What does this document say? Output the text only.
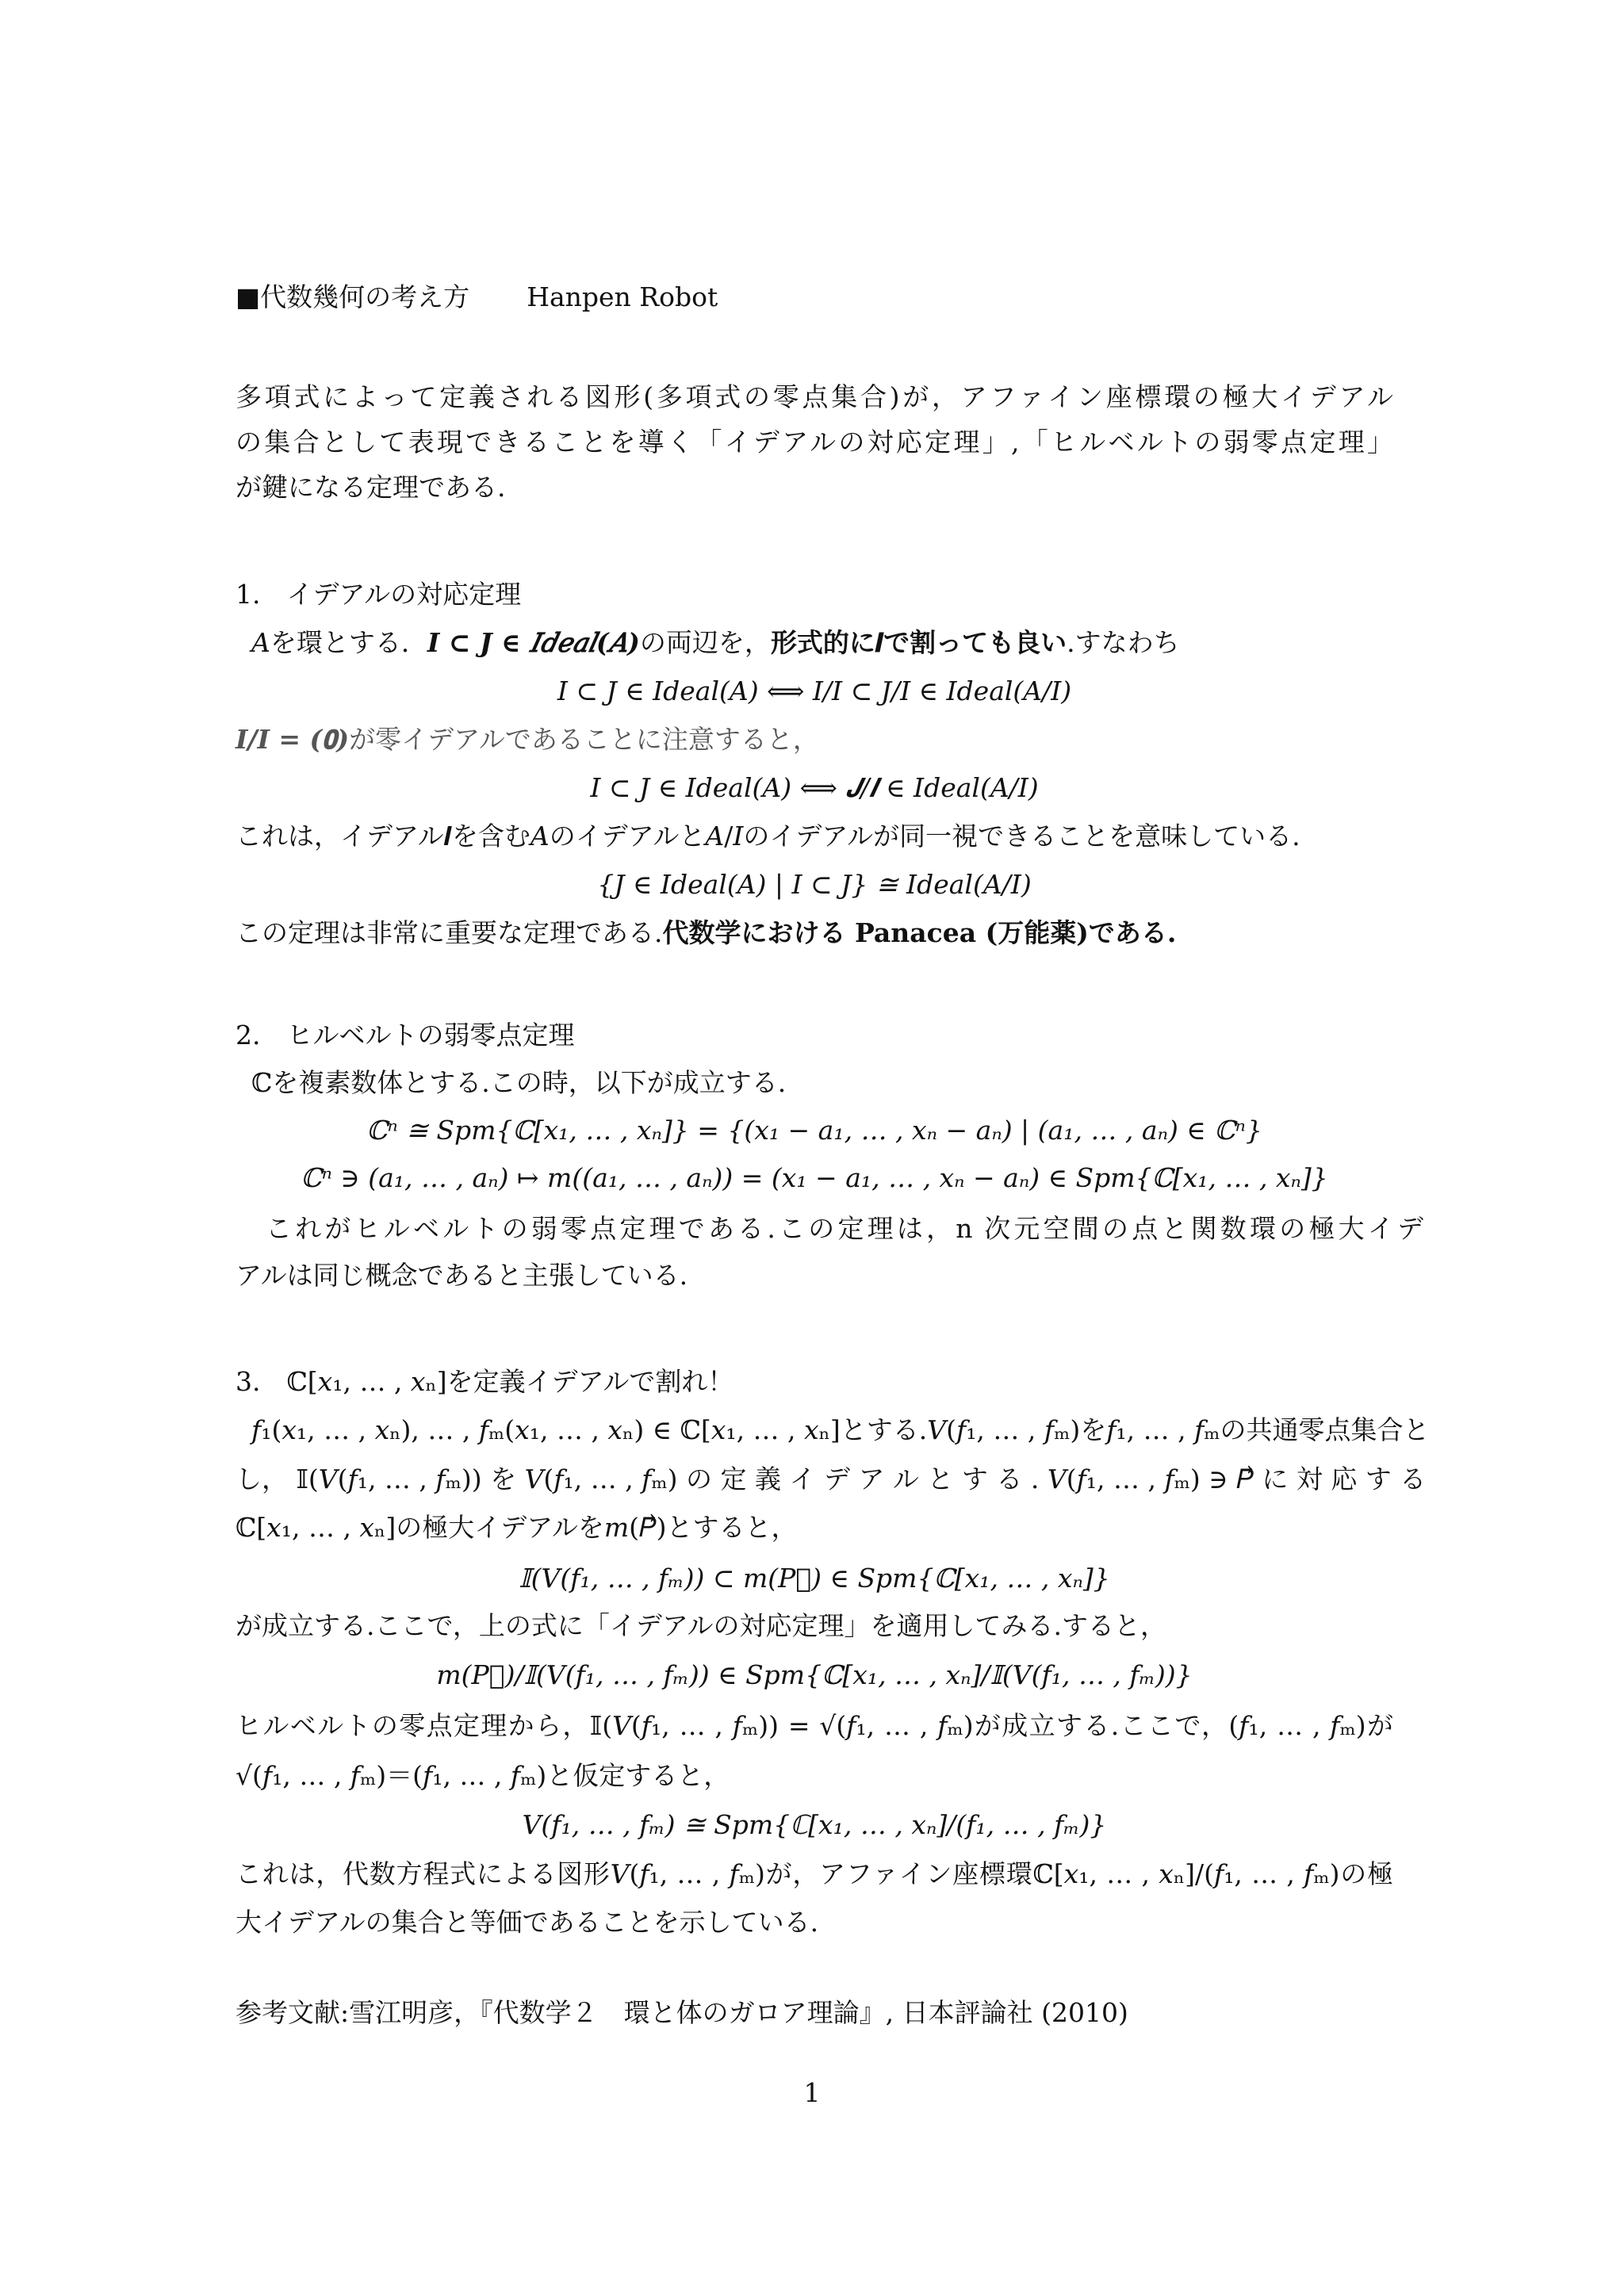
■代数幾何の考え方 Hanpen Robot
多項式によって定義される図形(多項式の零点集合)が，アファイン座標環の極大イデアル
の集合として表現できることを導く「イデアルの対応定理」,「ヒルベルトの弱零点定理」
が鍵になる定理である.
1.　イデアルの対応定理
𝐴を環とする．𝑰 ⊂ 𝑱 ∈ 𝐼𝑑𝑒𝑎𝑙(𝐴)の両辺を，形式的に𝑰で割っても良い.すなわち
𝐼 ⊂ 𝐽 ∈ 𝐼𝑑𝑒𝑎𝑙(𝐴) ⟺ 𝐼/𝐼 ⊂ 𝐽/𝐼 ∈ 𝐼𝑑𝑒𝑎𝑙(𝐴/𝐼)
𝑰/𝑰 = (𝟎)が零イデアルであることに注意すると，
𝐼 ⊂ 𝐽 ∈ 𝐼𝑑𝑒𝑎𝑙(𝐴) ⟺ 𝑱/𝑰 ∈ 𝐼𝑑𝑒𝑎𝑙(𝐴/𝐼)
これは，イデアル𝑰を含む𝐴のイデアルと𝐴/𝐼のイデアルが同一視できることを意味している.
{𝐽 ∈ 𝐼𝑑𝑒𝑎𝑙(𝐴) | 𝐼 ⊂ 𝐽} ≅ 𝐼𝑑𝑒𝑎𝑙(𝐴/𝐼)
この定理は非常に重要な定理である.代数学における Panacea (万能薬)である.
2.　ヒルベルトの弱零点定理
ℂを複素数体とする.この時，以下が成立する.
ℂⁿ ≅ 𝑆𝑝𝑚{ℂ[𝑥₁, … , 𝑥ₙ]} = {(𝑥₁ − 𝑎₁, … , 𝑥ₙ − 𝑎ₙ) | (𝑎₁, … , 𝑎ₙ) ∈ ℂⁿ}
ℂⁿ ∋ (𝑎₁, … , 𝑎ₙ) ↦ 𝑚((𝑎₁, … , 𝑎ₙ)) = (𝑥₁ − 𝑎₁, … , 𝑥ₙ − 𝑎ₙ) ∈ 𝑆𝑝𝑚{ℂ[𝑥₁, … , 𝑥ₙ]}
これがヒルベルトの弱零点定理である.この定理は，n 次元空間の点と関数環の極大イデ
アルは同じ概念であると主張している.
3.　ℂ[𝑥₁, … , 𝑥ₙ]を定義イデアルで割れ！
𝑓₁(𝑥₁, … , 𝑥ₙ), … , 𝑓ₘ(𝑥₁, … , 𝑥ₙ) ∈ ℂ[𝑥₁, … , 𝑥ₙ]とする.𝑉(𝑓₁, … , 𝑓ₘ)を𝑓₁, … , 𝑓ₘの共通零点集合と
し， 𝕀(𝑉(𝑓₁, … , 𝑓ₘ)) を 𝑉(𝑓₁, … , 𝑓ₘ) の 定 義 イ デ ア ル と す る . 𝑉(𝑓₁, … , 𝑓ₘ) ∋ 𝑃⃗ に 対 応 す る
ℂ[𝑥₁, … , 𝑥ₙ]の極大イデアルを𝑚(𝑃⃗)とすると，
𝕀(𝑉(𝑓₁, … , 𝑓ₘ)) ⊂ 𝑚(𝑃⃗) ∈ 𝑆𝑝𝑚{ℂ[𝑥₁, … , 𝑥ₙ]}
が成立する.ここで，上の式に「イデアルの対応定理」を適用してみる.すると，
𝑚(𝑃⃗)/𝕀(𝑉(𝑓₁, … , 𝑓ₘ)) ∈ 𝑆𝑝𝑚{ℂ[𝑥₁, … , 𝑥ₙ]/𝕀(𝑉(𝑓₁, … , 𝑓ₘ))}
ヒルベルトの零点定理から，𝕀(𝑉(𝑓₁, … , 𝑓ₘ)) = √(𝑓₁, … , 𝑓ₘ)が成立する.ここで，(𝑓₁, … , 𝑓ₘ)が
√(𝑓₁, … , 𝑓ₘ)＝(𝑓₁, … , 𝑓ₘ)と仮定すると，
𝑉(𝑓₁, … , 𝑓ₘ) ≅ 𝑆𝑝𝑚{ℂ[𝑥₁, … , 𝑥ₙ]/(𝑓₁, … , 𝑓ₘ)}
これは，代数方程式による図形𝑉(𝑓₁, … , 𝑓ₘ)が，アファイン座標環ℂ[𝑥₁, … , 𝑥ₙ]/(𝑓₁, … , 𝑓ₘ)の極
大イデアルの集合と等価であることを示している.
参考文献:雪江明彦，『代数学２　環と体のガロア理論』, 日本評論社 (2010)
1
